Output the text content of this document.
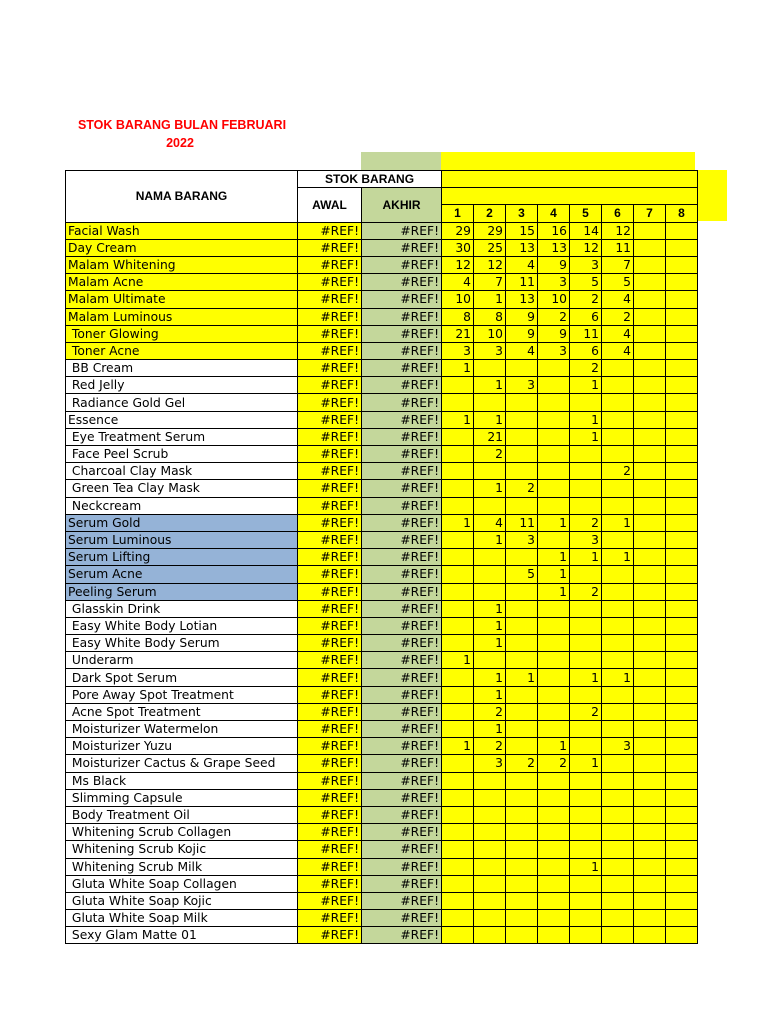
STOK BARANG BULAN FEBRUARI
2022
NAMA BARANG	STOK BARANG									
	AWAL	AKHIR								
			1	2	3	4	5	6	7	8
Facial Wash	#REF!	#REF!	29	29	15	16	14	12		
Day Cream	#REF!	#REF!	30	25	13	13	12	11		
Malam Whitening	#REF!	#REF!	12	12	4	9	3	7		
Malam Acne	#REF!	#REF!	4	7	11	3	5	5		
Malam Ultimate	#REF!	#REF!	10	1	13	10	2	4		
Malam Luminous	#REF!	#REF!	8	8	9	2	6	2		
Toner Glowing	#REF!	#REF!	21	10	9	9	11	4		
Toner Acne	#REF!	#REF!	3	3	4	3	6	4		
BB Cream	#REF!	#REF!	1				2			
Red Jelly	#REF!	#REF!		1	3		1			
Radiance Gold Gel	#REF!	#REF!								
Essence	#REF!	#REF!	1	1			1			
Eye Treatment Serum	#REF!	#REF!		21			1			
Face Peel Scrub	#REF!	#REF!		2						
Charcoal Clay Mask	#REF!	#REF!						2		
Green Tea Clay Mask	#REF!	#REF!		1	2					
Neckcream	#REF!	#REF!								
Serum Gold	#REF!	#REF!	1	4	11	1	2	1		
Serum Luminous	#REF!	#REF!		1	3		3			
Serum Lifting	#REF!	#REF!				1	1	1		
Serum Acne	#REF!	#REF!			5	1				
Peeling Serum	#REF!	#REF!				1	2			
Glasskin Drink	#REF!	#REF!		1						
Easy White Body Lotian	#REF!	#REF!		1						
Easy White Body Serum	#REF!	#REF!		1						
Underarm	#REF!	#REF!	1							
Dark Spot Serum	#REF!	#REF!		1	1		1	1		
Pore Away Spot Treatment	#REF!	#REF!		1						
Acne Spot Treatment	#REF!	#REF!		2			2			
Moisturizer Watermelon	#REF!	#REF!		1						
Moisturizer Yuzu	#REF!	#REF!	1	2		1		3		
Moisturizer Cactus & Grape Seed	#REF!	#REF!		3	2	2	1			
Ms Black	#REF!	#REF!								
Slimming Capsule	#REF!	#REF!								
Body Treatment Oil	#REF!	#REF!								
Whitening Scrub Collagen	#REF!	#REF!								
Whitening Scrub Kojic	#REF!	#REF!								
Whitening Scrub Milk	#REF!	#REF!					1			
Gluta White Soap Collagen	#REF!	#REF!								
Gluta White Soap Kojic	#REF!	#REF!								
Gluta White Soap Milk	#REF!	#REF!								
Sexy Glam Matte 01	#REF!	#REF!								
